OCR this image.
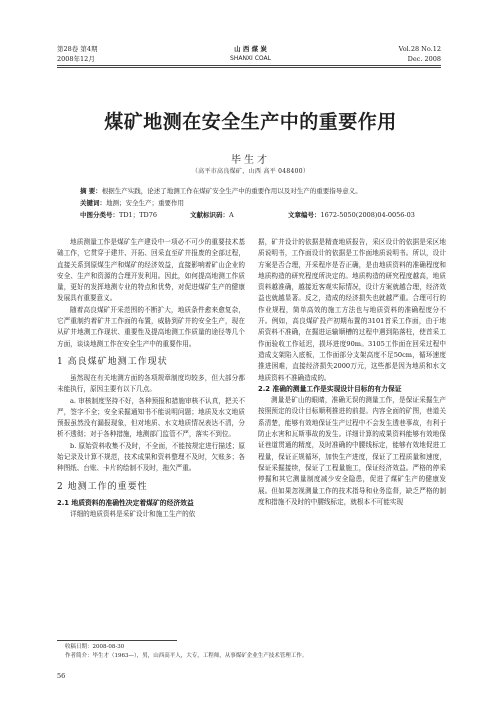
第28卷 第4期
2008年12月
山 西 煤 炭
SHANXI COAL
Vol.28 No.12
Dec. 2008
煤矿地测在安全生产中的重要作用
毕生才
（高平市高良煤矿，山西 高平 048400）
摘 要：根据生产实践，论述了地测工作在煤矿安全生产中的重要作用以及对生产的重要指导意义。
关键词：地测；安全生产；重要作用
中图分类号：TD1；TD76	文献标识码：A	文章编号：1672-5050(2008)04-0056-03

地质测量工作是煤矿生产建设中一项必不可少的重要技术基础工作，它贯穿于建井、开拓、回采直至矿井报废的全部过程，直接关系到原煤生产和煤矿的经济效益，直接影响着矿山企业的安全、生产和资源的合理开发利用。因此，如何提高地测工作质量，更好的发挥地测专业的特点和优势，对促进煤矿生产的健康发展具有重要意义。

随着高良煤矿开采范围的不断扩大，地质条件愈来愈复杂，它严重制约着矿井工作面的布置，威胁到矿井的安全生产，现在从矿井地测工作现状、重要性及提高地测工作质量的途径等几个方面，谈谈地测工作在安全生产中的重要作用。

1 高良煤矿地测工作现状

虽然现在有关地测方面的各项规章制度均较多，但大部分都未能执行，原因主要有以下几点。

a. 审核制度坚持不好，各种预报和措施审核不认真，把关不严，签字不全；安全采掘通知书不能说明问题；地质及水文地质预报虽然没有漏报现象，但对地质、水文地质情况表达不清，分析不透彻；对于各种措施，地测部门监管不严，落实不到位。

b. 原始资料收集不及时，不全面，不能按规定进行描述；原始记录及计算不规范，技术成果和资料整理不及时，欠账多；各种图纸、台账、卡片的绘制不及时，拖欠严重。

2 地测工作的重要性
2.1 地质资料的准确性决定着煤矿的经济效益

详细的地质资料是采矿设计和施工生产的依

据，矿井设计的依据是精查地质报告，采区设计的依据是采区地质说明书，工作面设计的依据是工作面地质说明书。所以，设计方案是否合理，开采程序是否正确，是由地质资料的准确程度和地质构造的研究程度所决定的。地质构造的研究程度越高，地质资料越准确，越接近客观实际情况，设计方案就越合理，经济效益也就越显著。反之，造成的经济损失也就越严重。合理可行的作业规程，简单高效的施工方法也与地质资料的准确程度分不开。例如，高良煤矿投产初期布置的3101首采工作面，由于地质资料不准确，在掘进运输顺槽的过程中遇到陷落柱，使首采工作面验收工作延迟，损坏进度90m。3105工作面在回采过程中造成支架陷入底板，工作面部分支架高度不足50cm，循环速度推进困难，直接经济损失2000万元，这些都是因为地质和水文地质资料不准确造成的。

2.2 准确的测量工作是实现设计目标的有力保证

测量是矿山的眼睛，准确无误的测量工作，是保证采掘生产按照预定的设计目标顺利推进的前提。内容全面的矿图，巷道关系清楚，能够有效地保证生产过程中不会发生透巷事故，有利于防止水害和瓦斯事故的发生。详细计算的成果资料能够有效地保证巷道贯通的精度，及时准确的中腰线标定，能够有效地促进工程量，保证正规循环，加快生产进度，保证了工程质量和速度，保证采掘接续，保证了工程量施工，保证经济效益。严格的停采停掘和其它测量制度减少安全隐患，促进了煤矿生产的健康发展。但如果忽视测量工作的技术指导和业务监督，缺乏严格的制度和措施不及时的中腰线标定，就根本不可能实现

收稿日期：2008-08-30
作者简介：毕生才（1963—），男，山西高平人，大专，工程师，从事煤矿企业生产技术管理工作。
56
